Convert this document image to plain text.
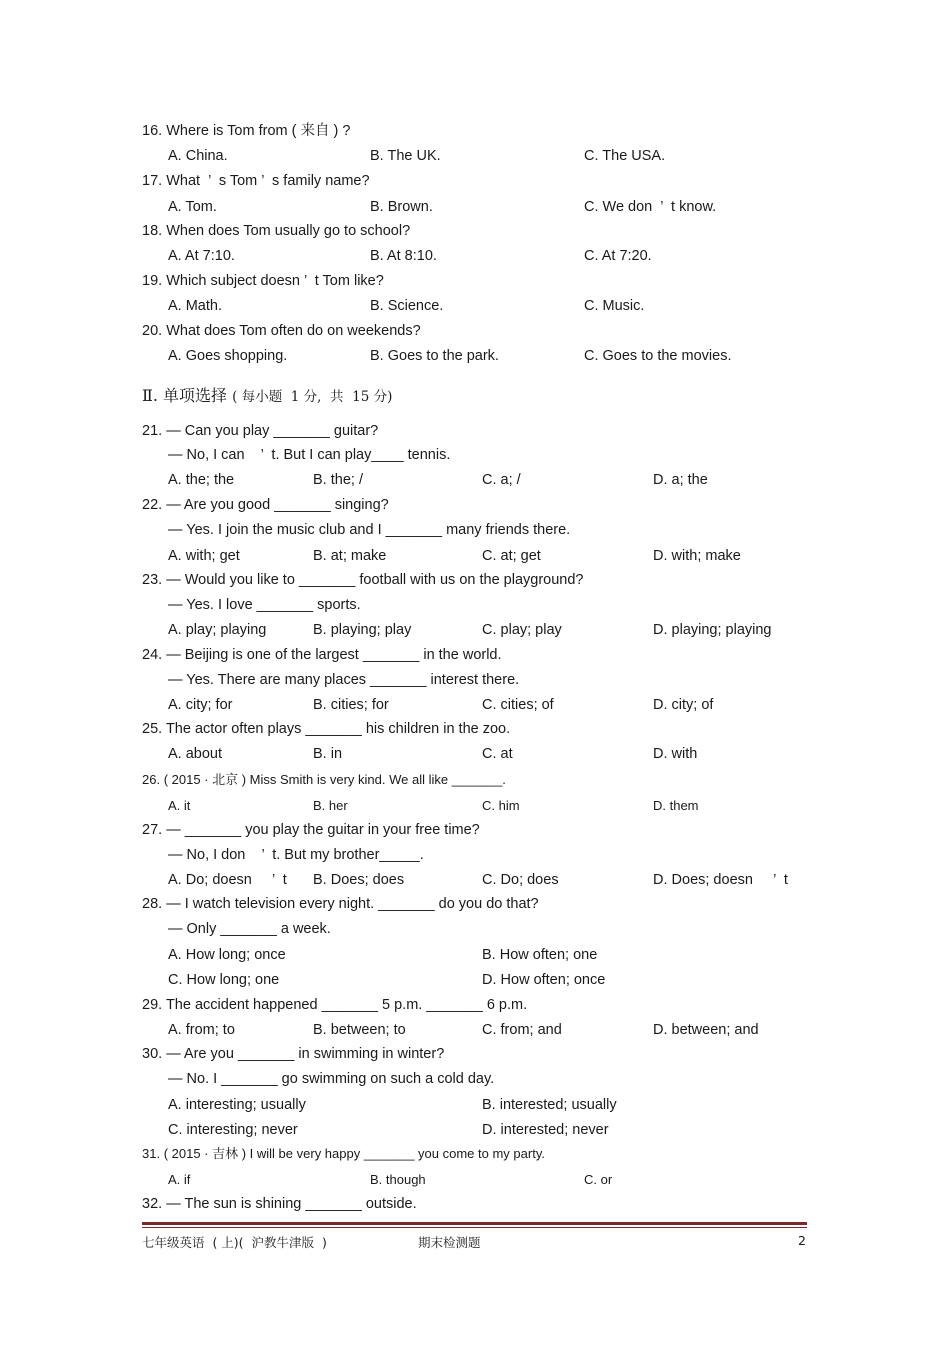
16. Where is Tom from ( 来自 ) ?
A. China.	B. The UK.	C. The USA.
17. What  ’  s Tom ’  s family name?
A. Tom.	B. Brown.	C. We don  ’  t know.
18. When does Tom usually go to school?
A. At 7:10.	B. At 8:10.	C. At 7:20.
19. Which subject doesn ’  t Tom like?
A. Math.	B. Science.	C. Music.
20. What does Tom often do on weekends?
A. Goes shopping.	B. Goes to the park.	C. Goes to the movies.
Ⅱ. 单项选择 ( 每小题  1 分,  共  15 分)
21. — Can you play _______ guitar?
— No, I can    ’  t. But I can play____ tennis.
A. the; the	B. the; /	C. a; /	D. a; the
22. — Are you good _______ singing?
— Yes. I join the music club and I _______ many friends there.
A. with; get	B. at; make	C. at; get	D. with; make
23. — Would you like to _______ football with us on the playground?
— Yes. I love _______ sports.
A. play; playing	B. playing; play	C. play; play	D. playing; playing
24. — Beijing is one of the largest _______ in the world.
— Yes. There are many places _______ interest there.
A. city; for	B. cities; for	C. cities; of	D. city; of
25. The actor often plays _______ his children in the zoo.
A. about	B. in	C. at	D. with
26. ( 2015 · 北京 ) Miss Smith is very kind. We all like _______.
A. it	B. her	C. him	D. them
27. — _______ you play the guitar in your free time?
— No, I don    ’  t. But my brother_____.
A. Do; doesn     ’  t B. Does; does	C. Do; does	D. Does; doesn     ’  t
28. — I watch television every night. _______ do you do that?
— Only _______ a week.
A. How long; once	B. How often; one
C. How long; one	D. How often; once
29. The accident happened _______ 5 p.m. _______ 6 p.m.
A. from; to	B. between; to	C. from; and	D. between; and
30. — Are you _______ in swimming in winter?
— No. I _______ go swimming on such a cold day.
A. interesting; usually	B. interested; usually
C. interesting; never	D. interested; never
31. ( 2015 · 吉林 ) I will be very happy _______ you come to my party.
A. if	B. though	C. or
32. — The sun is shining _______ outside.
七年级英语  ( 上)(  沪教牛津版  )	期末检测题	2
